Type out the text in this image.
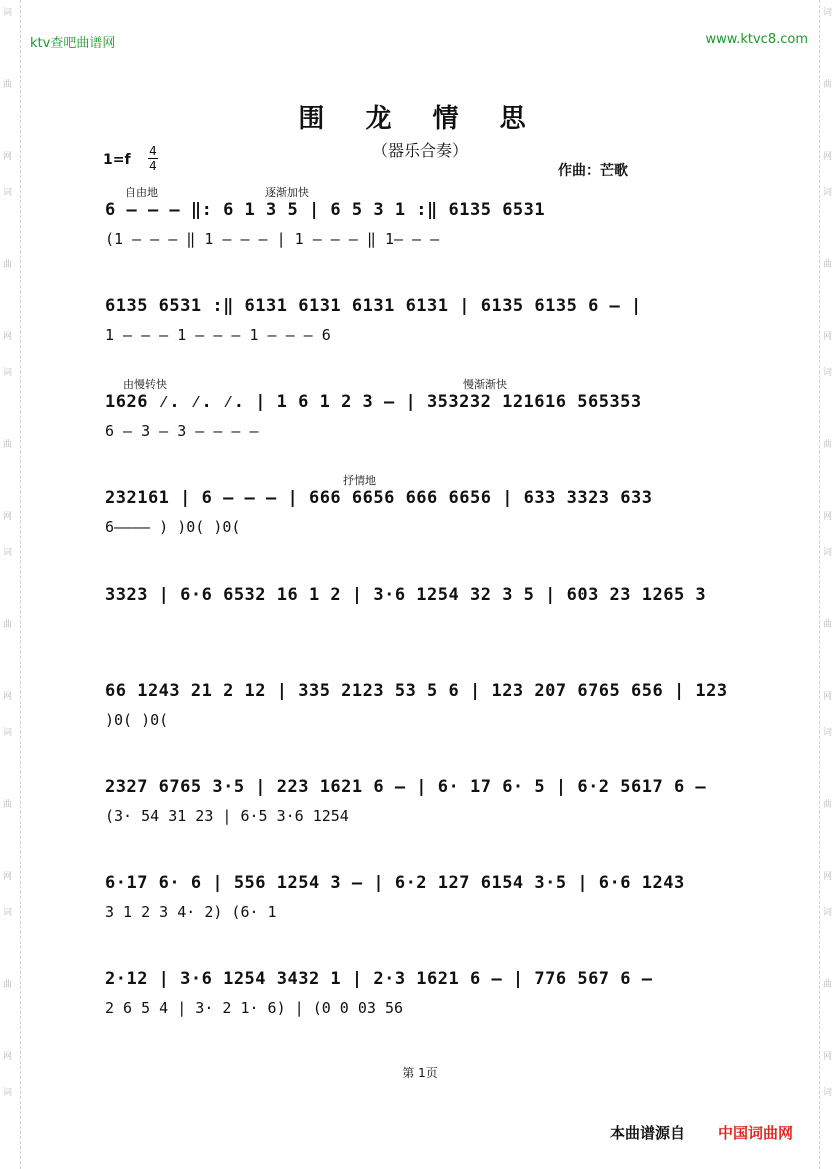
词
曲
网
词
曲
网
词
曲
网
词
曲
网
词
曲
网
词
曲
网
词
词
曲
网
词
曲
网
词
曲
网
词
曲
网
词
曲
网
词
曲
网
词
ktv查吧曲谱网	www.ktvc8.com
围 龙 情 思
（器乐合奏）
1=f
4
4	作曲：芒歌
自由地	逐渐加快
6 — — — ‖: 6 1 3 5 | 6 5 3 1 :‖ 6135 6531
(1 — — — ‖ 1 — — — | 1 — — — ‖ 1— — —
6135 6531 :‖ 6131 6131 6131 6131 | 6135 6135 6 — |
1 — — — 1 — — — 1 — — — 6
由慢转快	慢渐渐快
1626 ⁄. ⁄. ⁄. | 1 6 1 2 3 — | 353232 121616 565353
6 — 3 — 3 — — — —
抒情地
232161 | 6 — — — | 666 6656 666 6656 | 633 3323 633
6———— ) )0( )0(
3323 | 6·6 6532 16 1 2 | 3·6 1254 32 3 5 | 603 23 1265 3
66 1243 21 2 12 | 335 2123 53 5 6 | 123 207 6765 656 | 123
)0( )0(
2327 6765 3·5 | 223 1621 6 — | 6· 17 6· 5 | 6·2 5617 6 —
(3· 54 31 23 | 6·5 3·6 1254
6·17 6· 6 | 556 1254 3 — | 6·2 127 6154 3·5 | 6·6 1243
3 1 2 3 4· 2) (6· 1
2·12 | 3·6 1254 3432 1 | 2·3 1621 6 — | 776 567 6 —
2 6 5 4 | 3· 2 1· 6) | (0 0 03 56
第 1页
本曲谱源自 中国词曲网
